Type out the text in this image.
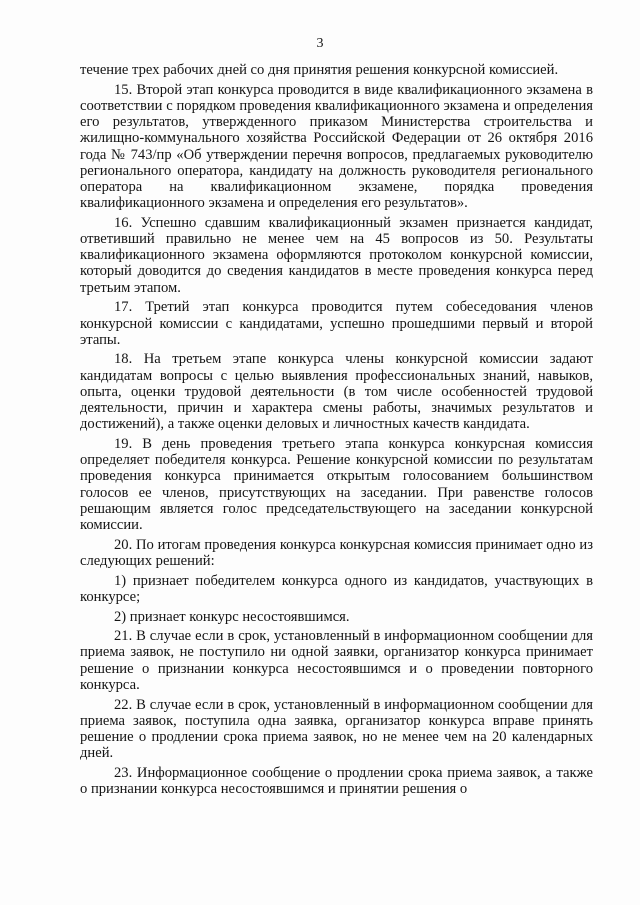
3

течение трех рабочих дней со дня принятия решения конкурсной комиссией.

15. Второй этап конкурса проводится в виде квалификационного экзамена в соответствии с порядком проведения квалификационного экзамена и определения его результатов, утвержденного приказом Министерства строительства и жилищно-коммунального хозяйства Российской Федерации от 26 октября 2016 года № 743/пр «Об утверждении перечня вопросов, предлагаемых руководителю регионального оператора, кандидату на должность руководителя регионального оператора на квалификационном экзамене, порядка проведения квалификационного экзамена и определения его результатов».

16. Успешно сдавшим квалификационный экзамен признается кандидат, ответивший правильно не менее чем на 45 вопросов из 50. Результаты квалификационного экзамена оформляются протоколом конкурсной комиссии, который доводится до сведения кандидатов в месте проведения конкурса перед третьим этапом.

17. Третий этап конкурса проводится путем собеседования членов конкурсной комиссии с кандидатами, успешно прошедшими первый и второй этапы.

18. На третьем этапе конкурса члены конкурсной комиссии задают кандидатам вопросы с целью выявления профессиональных знаний, навыков, опыта, оценки трудовой деятельности (в том числе особенностей трудовой деятельности, причин и характера смены работы, значимых результатов и достижений), а также оценки деловых и личностных качеств кандидата.

19. В день проведения третьего этапа конкурса конкурсная комиссия определяет победителя конкурса. Решение конкурсной комиссии по результатам проведения конкурса принимается открытым голосованием большинством голосов ее членов, присутствующих на заседании. При равенстве голосов решающим является голос председательствующего на заседании конкурсной комиссии.

20. По итогам проведения конкурса конкурсная комиссия принимает одно из следующих решений:

1) признает победителем конкурса одного из кандидатов, участвующих в конкурсе;

2) признает конкурс несостоявшимся.

21. В случае если в срок, установленный в информационном сообщении для приема заявок, не поступило ни одной заявки, организатор конкурса принимает решение о признании конкурса несостоявшимся и о проведении повторного конкурса.

22. В случае если в срок, установленный в информационном сообщении для приема заявок, поступила одна заявка, организатор конкурса вправе принять решение о продлении срока приема заявок, но не менее чем на 20 календарных дней.

23. Информационное сообщение о продлении срока приема заявок, а также о признании конкурса несостоявшимся и принятии решения о
